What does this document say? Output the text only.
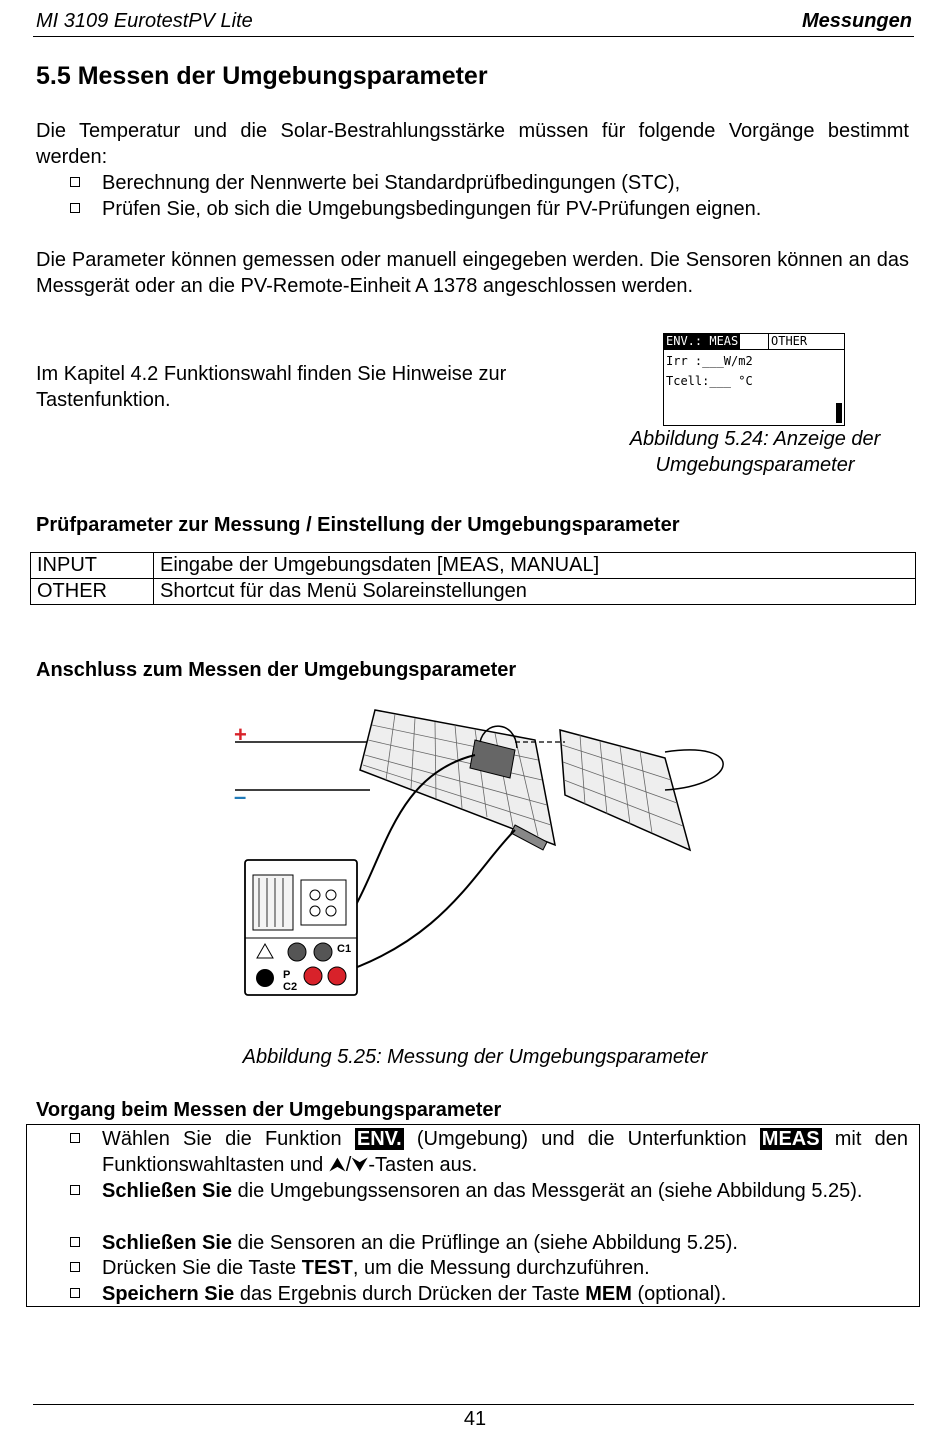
MI 3109 EurotestPV Lite	Messungen
5.5 Messen der Umgebungsparameter
Die Temperatur und die Solar-Bestrahlungsstärke müssen für folgende Vorgänge bestimmt werden:
Berechnung der Nennwerte bei Standardprüfbedingungen (STC),
Prüfen Sie, ob sich die Umgebungsbedingungen für PV-Prüfungen eignen.
Die Parameter können gemessen oder manuell eingegeben werden. Die Sensoren können an das Messgerät oder an die PV-Remote-Einheit A 1378 angeschlossen werden.
Im Kapitel 4.2 Funktionswahl finden Sie Hinweise zur Tastenfunktion.
ENV.: MEAS	OTHER
Irr :___W/m2
Tcell:___ °C
Abbildung 5.24: Anzeige der Umgebungsparameter
Prüfparameter zur Messung / Einstellung der Umgebungsparameter
INPUT	Eingabe der Umgebungsdaten [MEAS, MANUAL]
OTHER	Shortcut für das Menü Solareinstellungen
Anschluss zum Messen der Umgebungsparameter
+
–
C1
P
C2
Abbildung 5.25: Messung der Umgebungsparameter
Vorgang beim Messen der Umgebungsparameter
Wählen Sie die Funktion ENV. (Umgebung) und die Unterfunktion MEAS mit den Funktionswahltasten und ⮝/⮟-Tasten aus.
Schließen Sie die Umgebungssensoren an das Messgerät an (siehe Abbildung 5.25).
Schließen Sie die Sensoren an die Prüflinge an (siehe Abbildung 5.25).
Drücken Sie die Taste TEST, um die Messung durchzuführen.
Speichern Sie das Ergebnis durch Drücken der Taste MEM (optional).
41
